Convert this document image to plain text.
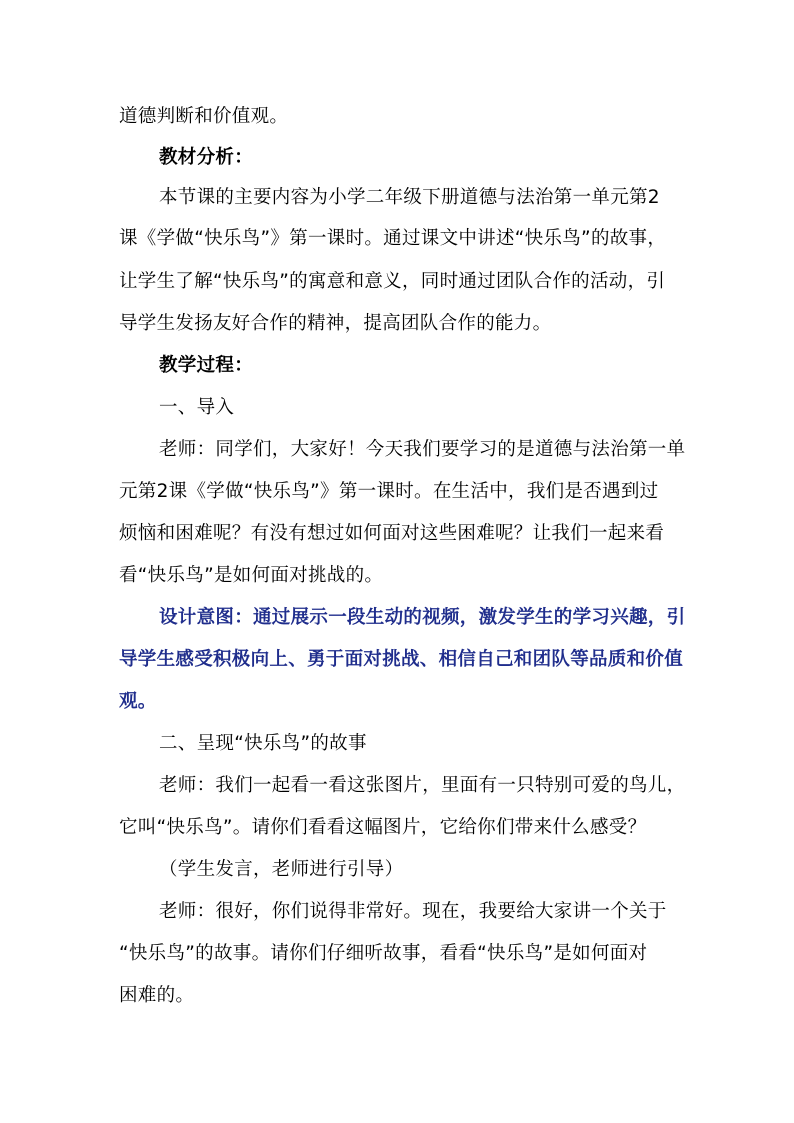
道德判断和价值观。
教材分析：
本节课的主要内容为小学二年级下册道德与法治第一单元第2
课《学做“快乐鸟”》第一课时。通过课文中讲述“快乐鸟”的故事，
让学生了解“快乐鸟”的寓意和意义，同时通过团队合作的活动，引
导学生发扬友好合作的精神，提高团队合作的能力。
教学过程：
一、导入
老师：同学们，大家好！今天我们要学习的是道德与法治第一单
元第2课《学做“快乐鸟”》第一课时。在生活中，我们是否遇到过
烦恼和困难呢？有没有想过如何面对这些困难呢？让我们一起来看
看“快乐鸟”是如何面对挑战的。
设计意图：通过展示一段生动的视频，激发学生的学习兴趣，引
导学生感受积极向上、勇于面对挑战、相信自己和团队等品质和价值
观。
二、呈现“快乐鸟”的故事
老师：我们一起看一看这张图片，里面有一只特别可爱的鸟儿，
它叫“快乐鸟”。请你们看看这幅图片，它给你们带来什么感受？
（学生发言，老师进行引导）
老师：很好，你们说得非常好。现在，我要给大家讲一个关于
“快乐鸟”的故事。请你们仔细听故事，看看“快乐鸟”是如何面对
困难的。
